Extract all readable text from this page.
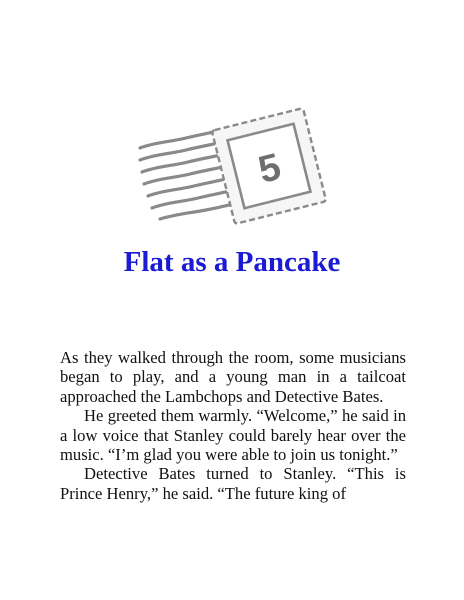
5
Flat as a Pancake

As they walked through the room, some musicians began to play, and a young man in a tailcoat approached the Lambchops and Detective Bates.

He greeted them warmly. “Welcome,” he said in a low voice that Stanley could barely hear over the music. “I’m glad you were able to join us tonight.”

Detective Bates turned to Stanley. “This is Prince Henry,” he said. “The future king of
